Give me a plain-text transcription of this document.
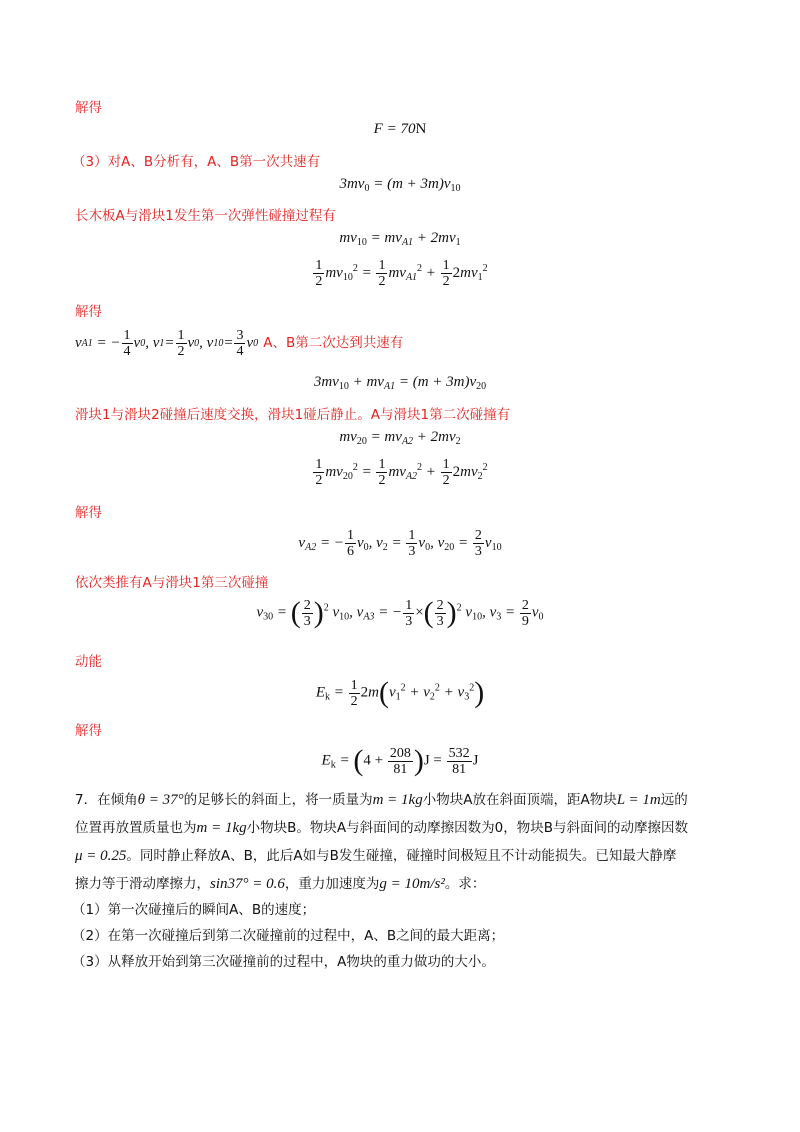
解得
F = 70N
（3）对A、B分析有，A、B第一次共速有
$3mv_0 = (m + 3m)v_{10}$
长木板A与滑块1发生第一次弹性碰撞过程有
$mv_{10} = mv_{A1} + 2mv_1$
$\frac{1}{2} mv_{10}^2 = \frac{1}{2} mv_{A1}^2 + \frac{1}{2} 2mv_1^2$
解得
v A1 = − $\frac{1}{4}$ v 0 , v $1 = \frac{1}{2}$ v 0 , v $10 = \frac{3}{4}$ v 0 A、B第二次达到共速有
$3mv_{10} + mv_{A1} = (m + 3m)v_{20}$
滑块1与滑块2碰撞后速度交换，滑块1碰后静止。A与滑块1第二次碰撞有
$mv_{20} = mv_{A2} + 2mv_2$
$\frac{1}{2} mv_{20}^2 = \frac{1}{2} mv_{A2}^2 + \frac{1}{2} 2mv_2^2$
解得
$v_{A2}$ = − $\frac{1}{6} v_0$, $v_2 = \frac{1}{3} v_0$, $v_{20} = \frac{2}{3} v_{10}$
依次类推有A与滑块1第三次碰撞
$v_{30}$ = ( $\frac{2}{3} )^2$ $v_{10}$, $v_{A3}$ = − $\frac{1}{3}$ ×( $\frac{2}{3} )^2$ $v_{10}$, $v_3 = \frac{2}{9} v_0$
动能
$E_k = \frac{1}{2} 2m(v_1^2 + v_2^2 + v_3^2)$
解得
$E_k = (4 + \frac{208}{81} )J = \frac{532}{81}$ J
7．在倾角θ = 37°的足够长的斜面上，将一质量为m = 1kg小物块A放在斜面顶端，距A物块L = 1m远的
位置再放置质量也为m = 1kg小物块B。物块A与斜面间的动摩擦因数为0，物块B与斜面间的动摩擦因数
μ = 0.25。同时静止释放A、B，此后A如与B发生碰撞，碰撞时间极短且不计动能损失。已知最大静摩
擦力等于滑动摩擦力，sin37° = 0.6，重力加速度为g = 10m/s²。求：
（1）第一次碰撞后的瞬间A、B的速度；
（2）在第一次碰撞后到第二次碰撞前的过程中，A、B之间的最大距离；
（3）从释放开始到第三次碰撞前的过程中，A物块的重力做功的大小。
